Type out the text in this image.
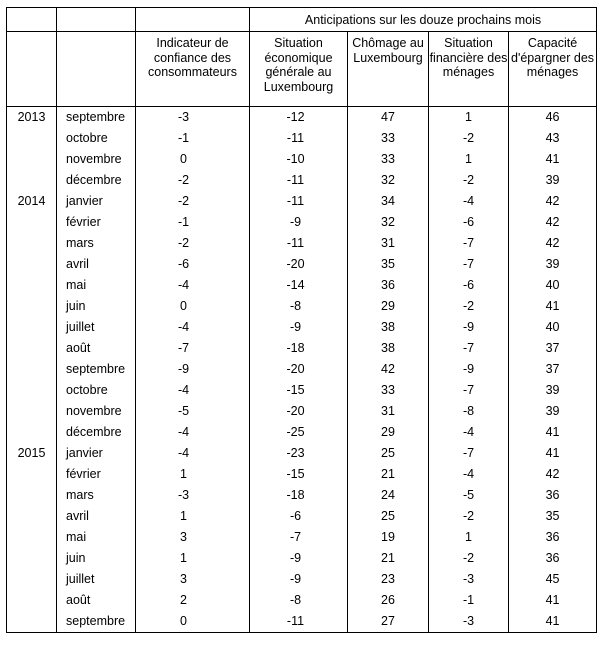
			Anticipations sur les douze prochains mois			
		Indicateur de confiance des consommateurs	Situation économique générale au Luxembourg	Chômage au Luxembourg	Situation financière des ménages	Capacité d'épargner des ménages
2013	septembre	-3	-12	47	1	46
	octobre	-1	-11	33	-2	43
	novembre	0	-10	33	1	41
	décembre	-2	-11	32	-2	39
2014	janvier	-2	-11	34	-4	42
	février	-1	-9	32	-6	42
	mars	-2	-11	31	-7	42
	avril	-6	-20	35	-7	39
	mai	-4	-14	36	-6	40
	juin	0	-8	29	-2	41
	juillet	-4	-9	38	-9	40
	août	-7	-18	38	-7	37
	septembre	-9	-20	42	-9	37
	octobre	-4	-15	33	-7	39
	novembre	-5	-20	31	-8	39
	décembre	-4	-25	29	-4	41
2015	janvier	-4	-23	25	-7	41
	février	1	-15	21	-4	42
	mars	-3	-18	24	-5	36
	avril	1	-6	25	-2	35
	mai	3	-7	19	1	36
	juin	1	-9	21	-2	36
	juillet	3	-9	23	-3	45
	août	2	-8	26	-1	41
	septembre	0	-11	27	-3	41
